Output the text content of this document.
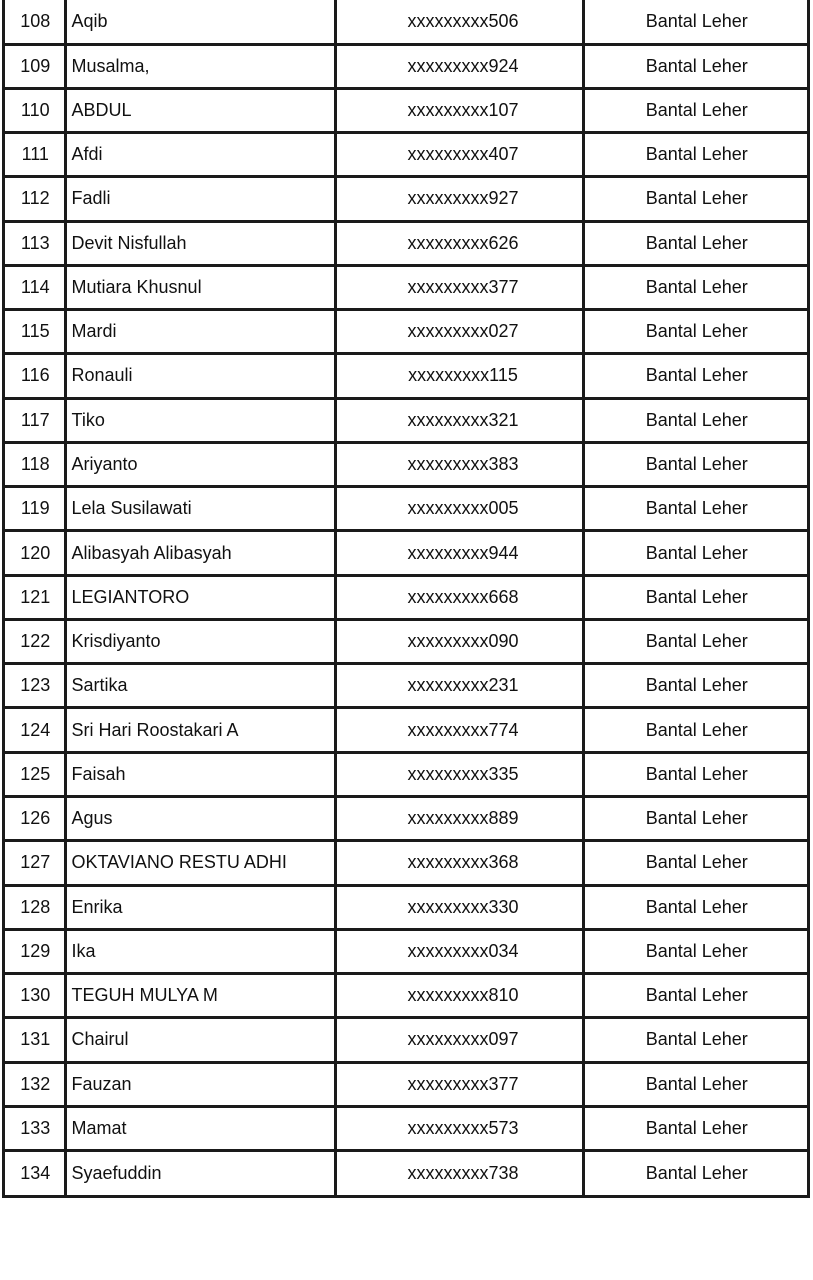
108	Aqib	xxxxxxxxx506	Bantal Leher
109	Musalma,	xxxxxxxxx924	Bantal Leher
110	ABDUL	xxxxxxxxx107	Bantal Leher
111	Afdi	xxxxxxxxx407	Bantal Leher
112	Fadli	xxxxxxxxx927	Bantal Leher
113	Devit Nisfullah	xxxxxxxxx626	Bantal Leher
114	Mutiara Khusnul	xxxxxxxxx377	Bantal Leher
115	Mardi	xxxxxxxxx027	Bantal Leher
116	Ronauli	xxxxxxxxx115	Bantal Leher
117	Tiko	xxxxxxxxx321	Bantal Leher
118	Ariyanto	xxxxxxxxx383	Bantal Leher
119	Lela Susilawati	xxxxxxxxx005	Bantal Leher
120	Alibasyah Alibasyah	xxxxxxxxx944	Bantal Leher
121	LEGIANTORO	xxxxxxxxx668	Bantal Leher
122	Krisdiyanto	xxxxxxxxx090	Bantal Leher
123	Sartika	xxxxxxxxx231	Bantal Leher
124	Sri Hari Roostakari A	xxxxxxxxx774	Bantal Leher
125	Faisah	xxxxxxxxx335	Bantal Leher
126	Agus	xxxxxxxxx889	Bantal Leher
127	OKTAVIANO RESTU ADHI	xxxxxxxxx368	Bantal Leher
128	Enrika	xxxxxxxxx330	Bantal Leher
129	Ika	xxxxxxxxx034	Bantal Leher
130	TEGUH MULYA M	xxxxxxxxx810	Bantal Leher
131	Chairul	xxxxxxxxx097	Bantal Leher
132	Fauzan	xxxxxxxxx377	Bantal Leher
133	Mamat	xxxxxxxxx573	Bantal Leher
134	Syaefuddin	xxxxxxxxx738	Bantal Leher
